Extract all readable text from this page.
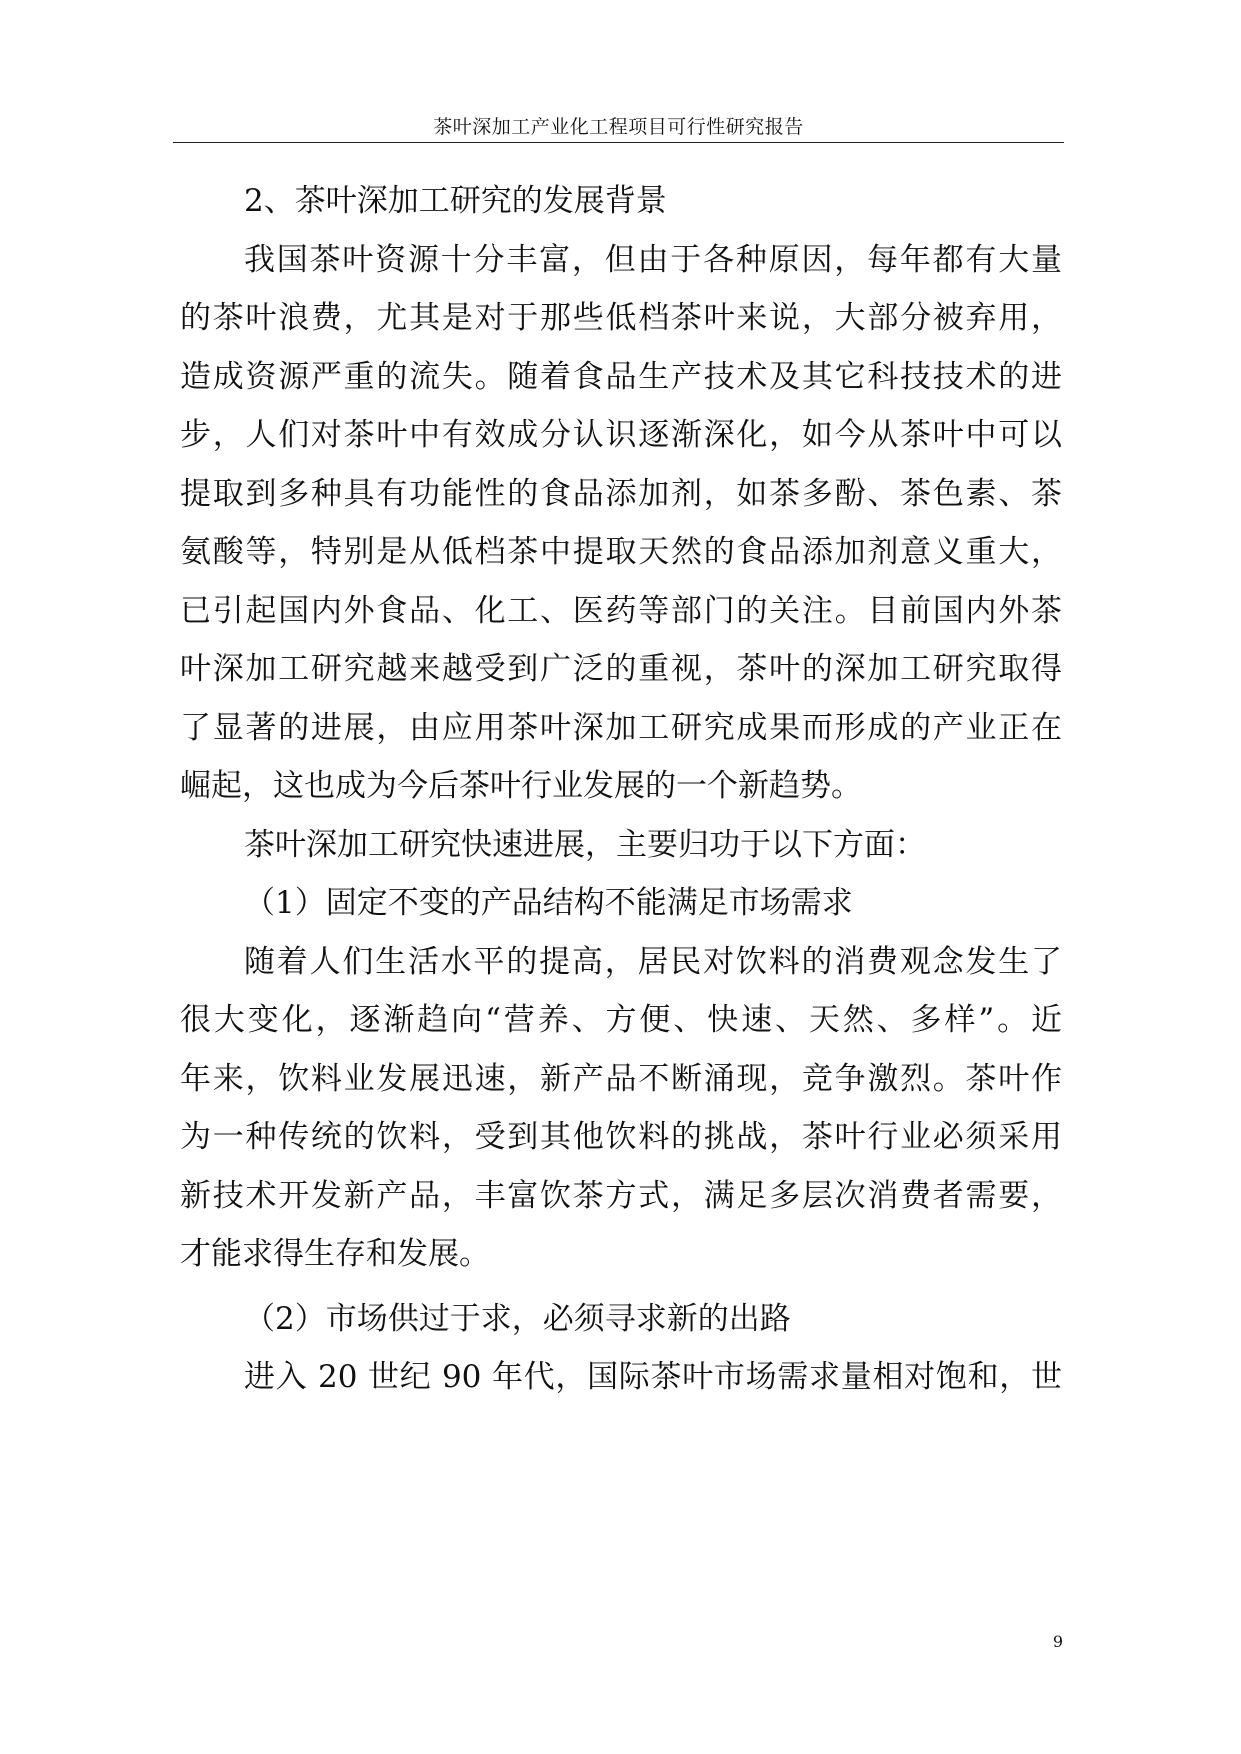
茶叶深加工产业化工程项目可行性研究报告
2、茶叶深加工研究的发展背景
我国茶叶资源十分丰富，但由于各种原因，每年都有大量
的茶叶浪费，尤其是对于那些低档茶叶来说，大部分被弃用，
造成资源严重的流失。随着食品生产技术及其它科技技术的进
步，人们对茶叶中有效成分认识逐渐深化，如今从茶叶中可以
提取到多种具有功能性的食品添加剂，如茶多酚、茶色素、茶
氨酸等，特别是从低档茶中提取天然的食品添加剂意义重大，
已引起国内外食品、化工、医药等部门的关注。目前国内外茶
叶深加工研究越来越受到广泛的重视，茶叶的深加工研究取得
了显著的进展，由应用茶叶深加工研究成果而形成的产业正在
崛起，这也成为今后茶叶行业发展的一个新趋势。
茶叶深加工研究快速进展，主要归功于以下方面：
（1）固定不变的产品结构不能满足市场需求
随着人们生活水平的提高，居民对饮料的消费观念发生了
很大变化，逐渐趋向“营养、方便、快速、天然、多样”。近
年来，饮料业发展迅速，新产品不断涌现，竞争激烈。茶叶作
为一种传统的饮料，受到其他饮料的挑战，茶叶行业必须采用
新技术开发新产品，丰富饮茶方式，满足多层次消费者需要，
才能求得生存和发展。
（2）市场供过于求，必须寻求新的出路
进入 20 世纪 90 年代，国际茶叶市场需求量相对饱和，世
9
